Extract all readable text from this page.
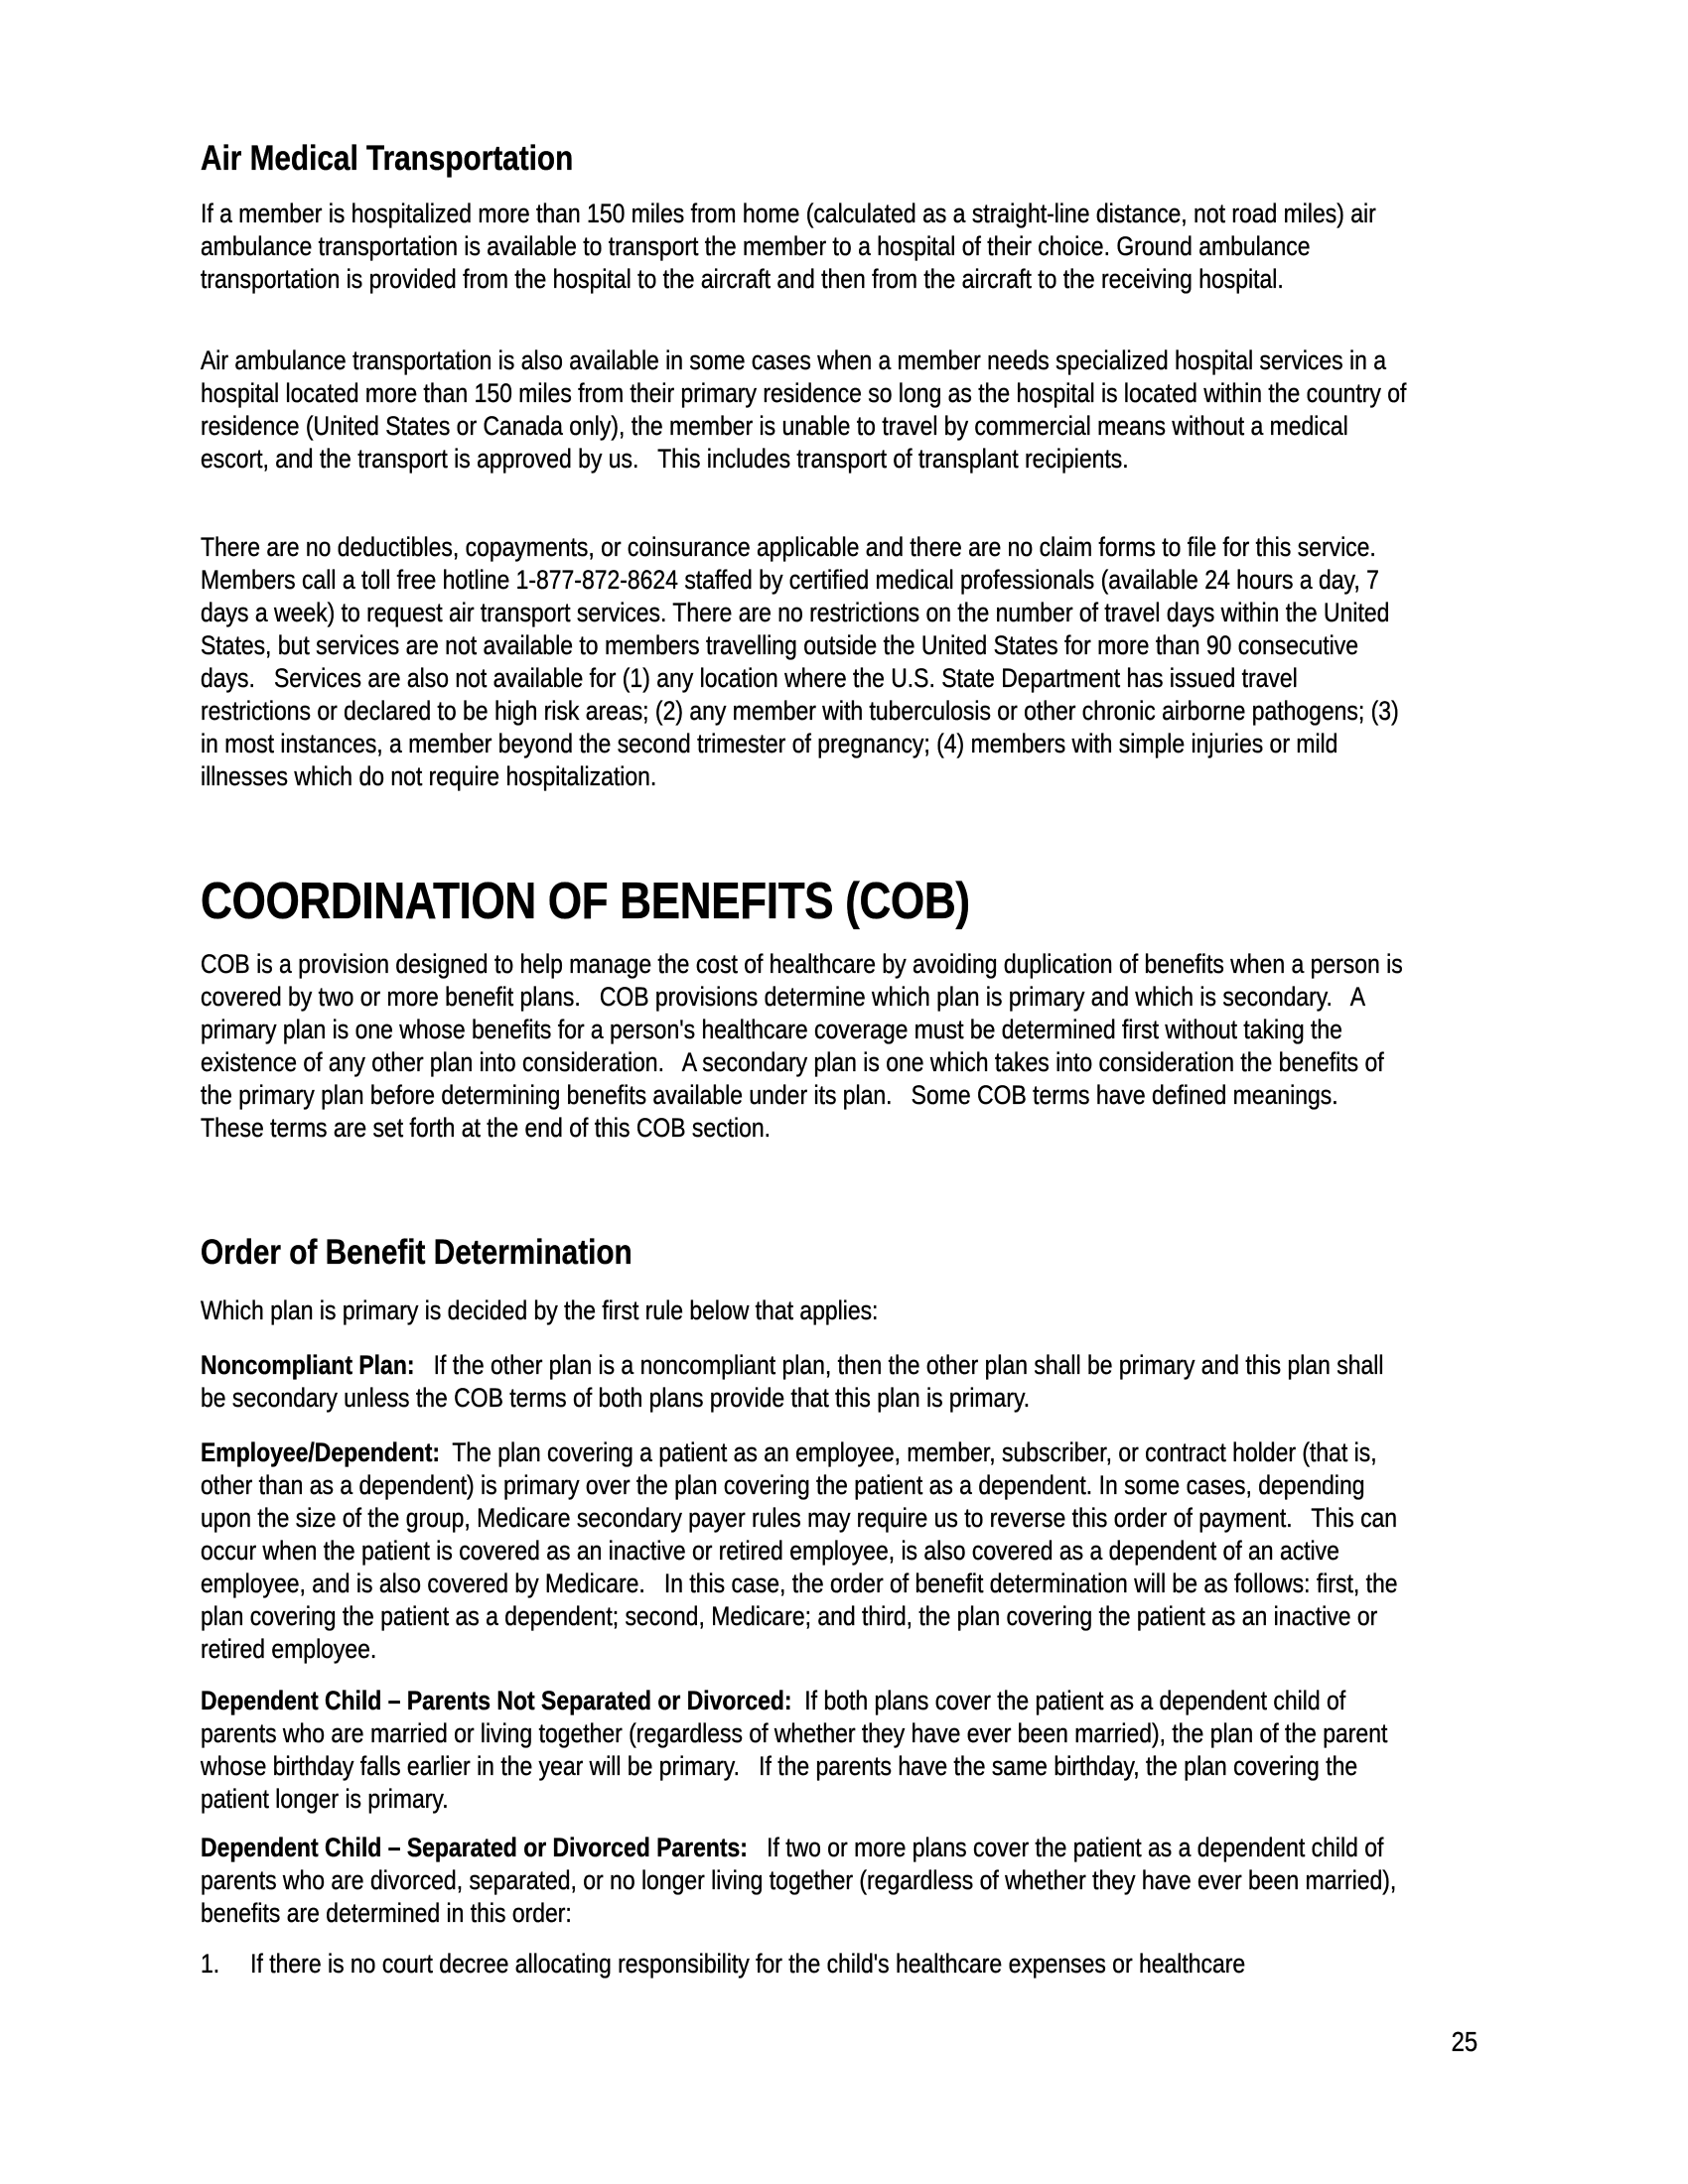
Air Medical Transportation

If a member is hospitalized more than 150 miles from home (calculated as a straight-line distance, not road miles) air ambulance transportation is available to transport the member to a hospital of their choice. Ground ambulance transportation is provided from the hospital to the aircraft and then from the aircraft to the receiving hospital.

Air ambulance transportation is also available in some cases when a member needs specialized hospital services in a hospital located more than 150 miles from their primary residence so long as the hospital is located within the country of residence (United States or Canada only), the member is unable to travel by commercial means without a medical escort, and the transport is approved by us.   This includes transport of transplant recipients.

There are no deductibles, copayments, or coinsurance applicable and there are no claim forms to file for this service.   Members call a toll free hotline 1-877-872-8624 staffed by certified medical professionals (available 24 hours a day, 7 days a week) to request air transport services. There are no restrictions on the number of travel days within the United States, but services are not available to members travelling outside the United States for more than 90 consecutive days.   Services are also not available for (1) any location where the U.S. State Department has issued travel restrictions or declared to be high risk areas; (2) any member with tuberculosis or other chronic airborne pathogens; (3) in most instances, a member beyond the second trimester of pregnancy; (4) members with simple injuries or mild illnesses which do not require hospitalization.

COORDINATION OF BENEFITS (COB)

COB is a provision designed to help manage the cost of healthcare by avoiding duplication of benefits when a person is covered by two or more benefit plans.   COB provisions determine which plan is primary and which is secondary.   A primary plan is one whose benefits for a person's healthcare coverage must be determined first without taking the existence of any other plan into consideration.   A secondary plan is one which takes into consideration the benefits of the primary plan before determining benefits available under its plan.   Some COB terms have defined meanings.   These terms are set forth at the end of this COB section.

Order of Benefit Determination

Which plan is primary is decided by the first rule below that applies:

Noncompliant Plan:   If the other plan is a noncompliant plan, then the other plan shall be primary and this plan shall be secondary unless the COB terms of both plans provide that this plan is primary.

Employee/Dependent:  The plan covering a patient as an employee, member, subscriber, or contract holder (that is, other than as a dependent) is primary over the plan covering the patient as a dependent. In some cases, depending upon the size of the group, Medicare secondary payer rules may require us to reverse this order of payment.   This can occur when the patient is covered as an inactive or retired employee, is also covered as a dependent of an active employee, and is also covered by Medicare.   In this case, the order of benefit determination will be as follows: first, the plan covering the patient as a dependent; second, Medicare; and third, the plan covering the patient as an inactive or retired employee.

Dependent Child – Parents Not Separated or Divorced:  If both plans cover the patient as a dependent child of parents who are married or living together (regardless of whether they have ever been married), the plan of the parent whose birthday falls earlier in the year will be primary.   If the parents have the same birthday, the plan covering the patient longer is primary.

Dependent Child – Separated or Divorced Parents:   If two or more plans cover the patient as a dependent child of parents who are divorced, separated, or no longer living together (regardless of whether they have ever been married), benefits are determined in this order:

1. If there is no court decree allocating responsibility for the child's healthcare expenses or healthcare

25
